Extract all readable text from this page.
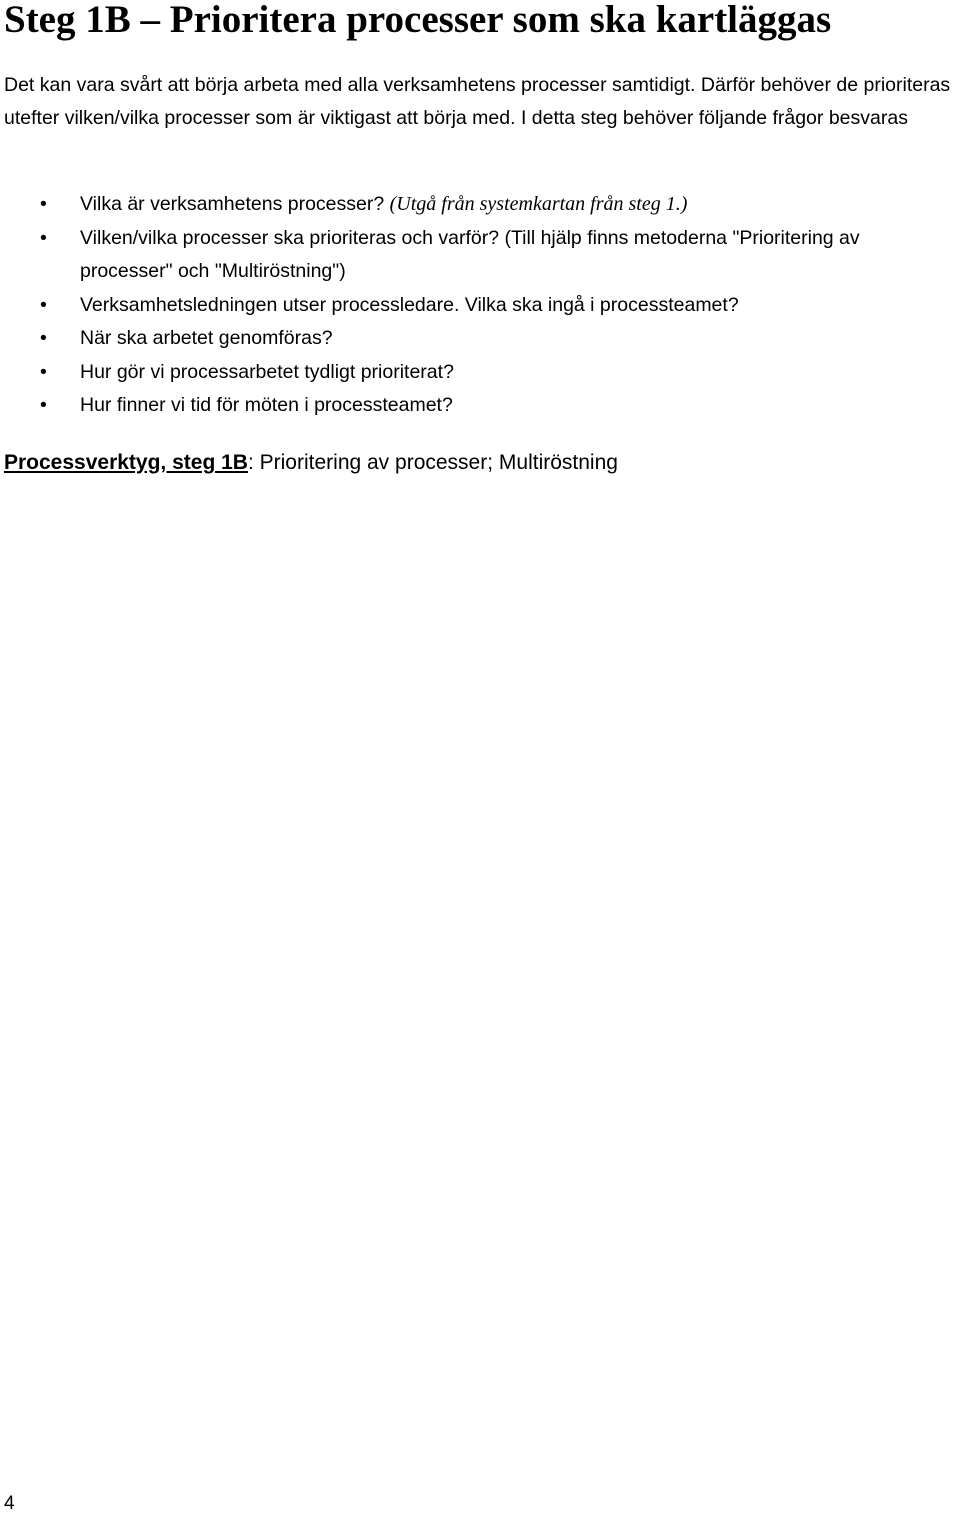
Steg 1B – Prioritera processer som ska kartläggas

Det kan vara svårt att börja arbeta med alla verksamhetens processer samtidigt. Därför behöver de prioriteras utefter vilken/vilka processer som är viktigast att börja med. I detta steg behöver följande frågor besvaras

• Vilka är verksamhetens processer? (Utgå från systemkartan från steg 1.)
• Vilken/vilka processer ska prioriteras och varför? (Till hjälp finns metoderna "Prioritering av processer" och "Multiröstning")
• Verksamhetsledningen utser processledare. Vilka ska ingå i processteamet?
• När ska arbetet genomföras?
• Hur gör vi processarbetet tydligt prioriterat?
• Hur finner vi tid för möten i processteamet?

Processverktyg, steg 1B: Prioritering av processer; Multiröstning

4
